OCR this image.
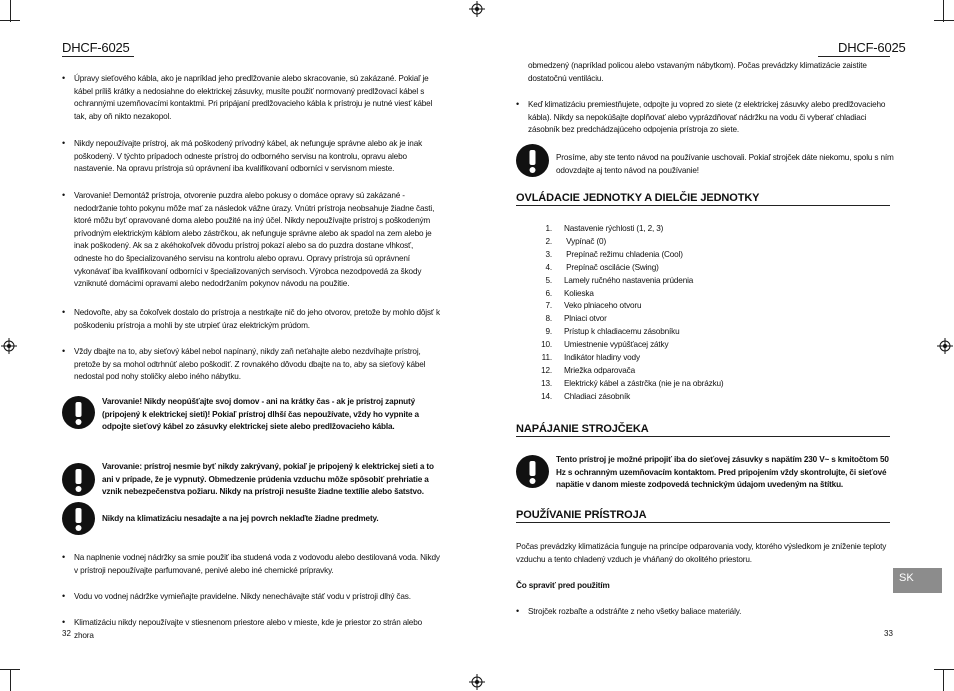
DHCF-6025
• Úpravy sieťového kábla, ako je napríklad jeho predlžovanie alebo skracovanie, sú zakázané. Pokiaľ je kábel príliš krátky a nedosiahne do elektrickej zásuvky, musíte použiť normovaný predlžovací kábel s ochrannými uzemňovacími kontaktmi. Pri pripájaní predlžovacieho kábla k prístroju je nutné viesť kábel tak, aby oň nikto nezakopol.
• Nikdy nepoužívajte prístroj, ak má poškodený prívodný kábel, ak nefunguje správne alebo ak je inak poškodený. V týchto prípadoch odneste prístroj do odborného servisu na kontrolu, opravu alebo nastavenie. Na opravu prístroja sú oprávnení iba kvalifikovaní odborníci v servisnom mieste.
• Varovanie! Demontáž prístroja, otvorenie puzdra alebo pokusy o domáce opravy sú zakázané - nedodržanie tohto pokynu môže mať za následok vážne úrazy. Vnútri prístroja neobsahuje žiadne časti, ktoré môžu byť opravované doma alebo použité na iný účel. Nikdy nepoužívajte prístroj s poškodeným prívodným elektrickým káblom alebo zástrčkou, ak nefunguje správne alebo ak spadol na zem alebo je inak poškodený. Ak sa z akéhokoľvek dôvodu prístroj pokazí alebo sa do puzdra dostane vlhkosť, odneste ho do špecializovaného servisu na kontrolu alebo opravu. Opravy prístroja sú oprávnení vykonávať iba kvalifikovaní odborníci v špecializovaných servisoch. Výrobca nezodpovedá za škody vzniknuté domácimi opravami alebo nedodržaním pokynov návodu na použitie.
• Nedovoľte, aby sa čokoľvek dostalo do prístroja a nestrkajte nič do jeho otvorov, pretože by mohlo dôjsť k poškodeniu prístroja a mohli by ste utrpieť úraz elektrickým prúdom.
• Vždy dbajte na to, aby sieťový kábel nebol napínaný, nikdy zaň neťahajte alebo nezdvíhajte prístroj, pretože by sa mohol odtrhnúť alebo poškodiť. Z rovnakého dôvodu dbajte na to, aby sa sieťový kábel nedostal pod nohy stoličky alebo iného nábytku.
Varovanie! Nikdy neopúšťajte svoj domov - ani na krátky čas - ak je prístroj zapnutý (pripojený k elektrickej sieti)! Pokiaľ prístroj dlhší čas nepoužívate, vždy ho vypnite a odpojte sieťový kábel zo zásuvky elektrickej siete alebo predlžovacieho kábla.
Varovanie: prístroj nesmie byť nikdy zakrývaný, pokiaľ je pripojený k elektrickej sieti a to ani v prípade, že je vypnutý. Obmedzenie prúdenia vzduchu môže spôsobiť prehriatie a vznik nebezpečenstva požiaru. Nikdy na prístroji nesušte žiadne textílie alebo šatstvo.
Nikdy na klimatizáciu nesadajte a na jej povrch neklaďte žiadne predmety.
• Na naplnenie vodnej nádržky sa smie použiť iba studená voda z vodovodu alebo destilovaná voda. Nikdy v prístroji nepoužívajte parfumované, penivé alebo iné chemické prípravky.
• Vodu vo vodnej nádržke vymieňajte pravidelne. Nikdy nenechávajte stáť vodu v prístroji dlhý čas.
• Klimatizáciu nikdy nepoužívajte v stiesnenom priestore alebo v mieste, kde je priestor zo strán alebo zhora
32
DHCF-6025
obmedzený (napríklad policou alebo vstavaným nábytkom). Počas prevádzky klimatizácie zaistite dostatočnú ventiláciu.
• Keď klimatizáciu premiestňujete, odpojte ju vopred zo siete (z elektrickej zásuvky alebo predlžovacieho kábla). Nikdy sa nepokúšajte doplňovať alebo vyprázdňovať nádržku na vodu či vyberať chladiaci zásobník bez predchádzajúceho odpojenia prístroja zo siete.
Prosíme, aby ste tento návod na používanie uschovali. Pokiaľ strojček dáte niekomu, spolu s ním odovzdajte aj tento návod na používanie!
OVLÁDACIE JEDNOTKY A DIELČIE JEDNOTKY
1. Nastavenie rýchlosti (1, 2, 3)
2. Vypínač (0)
3. Prepínač režimu chladenia (Cool)
4. Prepínač oscilácie (Swing)
5. Lamely ručného nastavenia prúdenia
6. Kolieska
7. Veko plniaceho otvoru
8. Plniaci otvor
9. Prístup k chladiacemu zásobníku
10. Umiestnenie vypúšťacej zátky
11. Indikátor hladiny vody
12. Mriežka odparovača
13. Elektrický kábel a zástrčka (nie je na obrázku)
14. Chladiaci zásobník
NAPÁJANIE STROJČEKA
Tento prístroj je možné pripojiť iba do sieťovej zásuvky s napätím 230 V~ s kmitočtom 50 Hz s ochranným uzemňovacím kontaktom. Pred pripojením vždy skontrolujte, či sieťové napätie v danom mieste zodpovedá technickým údajom uvedeným na štítku.
POUŽÍVANIE PRÍSTROJA
Počas prevádzky klimatizácia funguje na princípe odparovania vody, ktorého výsledkom je zníženie teploty vzduchu a tento chladený vzduch je vháňaný do okolitého priestoru.
Čo spraviť pred použitím
• Strojček rozbaľte a odstráňte z neho všetky baliace materiály.
SK
33
